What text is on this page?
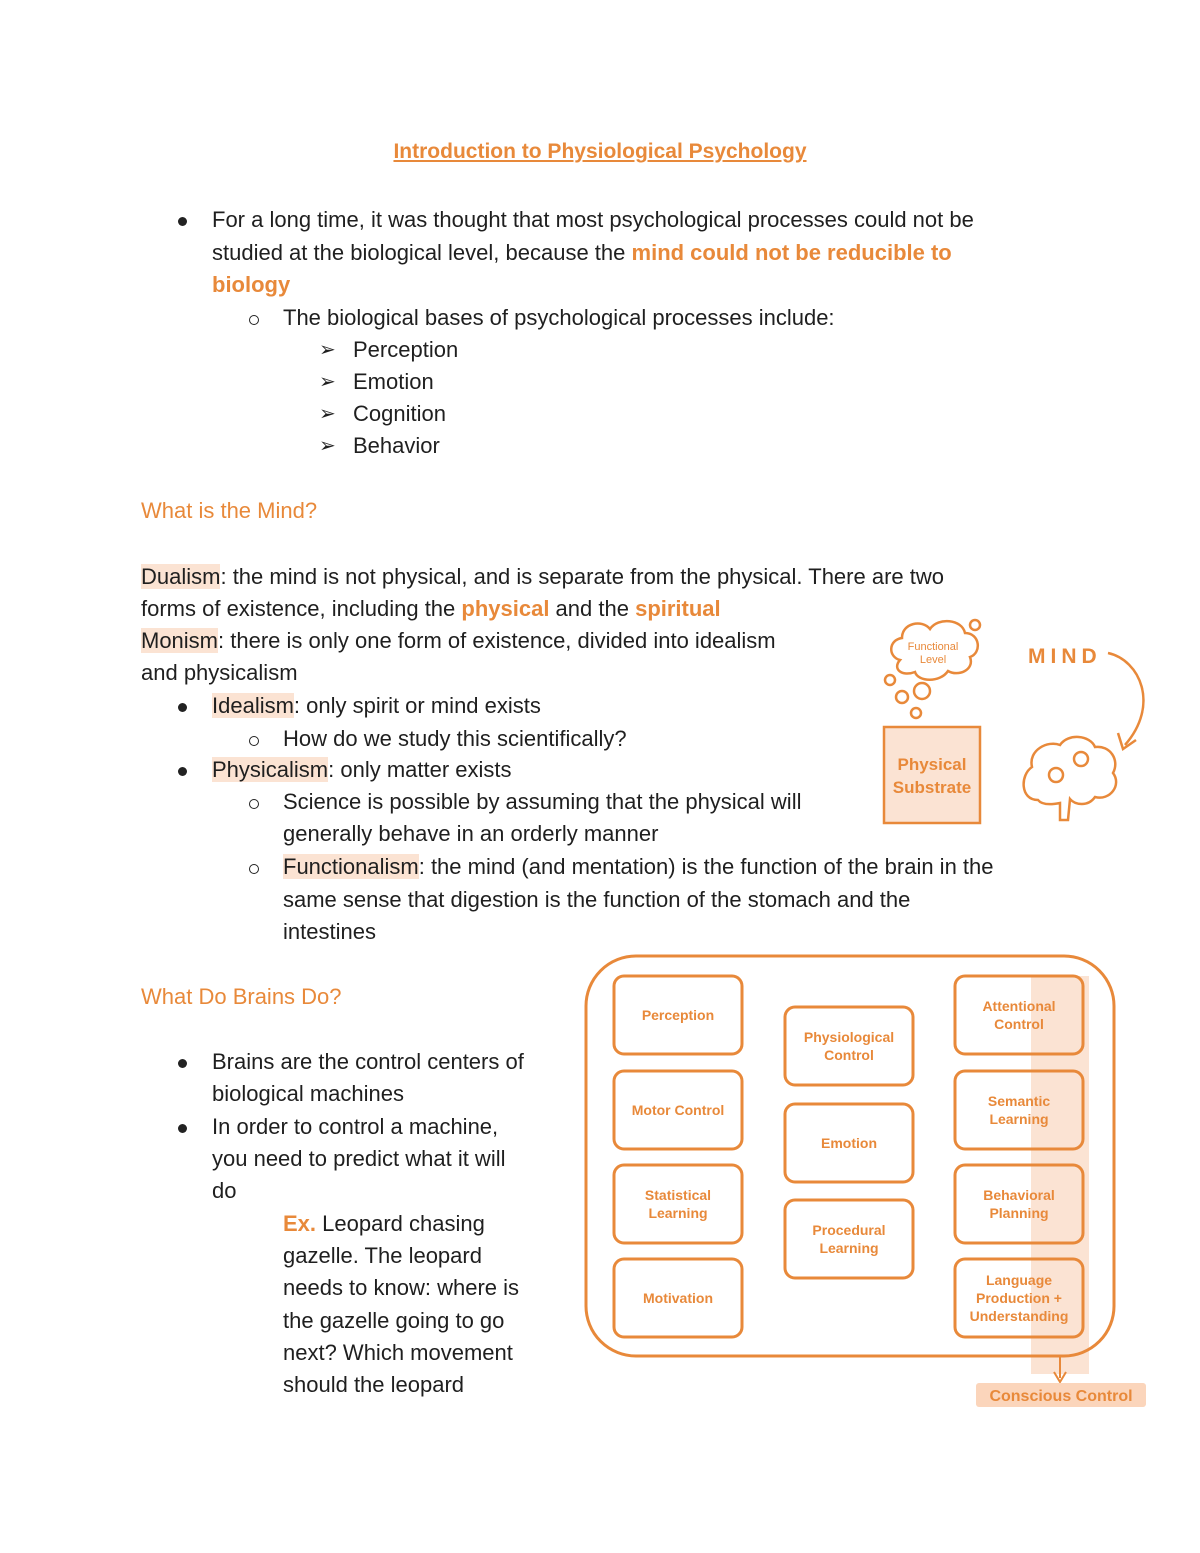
Introduction to Physiological Psychology
For a long time, it was thought that most psychological processes could not be
studied at the biological level, because the mind could not be reducible to
biology
The biological bases of psychological processes include:
➢ Perception
➢ Emotion
➢ Cognition
➢ Behavior
What is the Mind?
Dualism: the mind is not physical, and is separate from the physical. There are two
forms of existence, including the physical and the spiritual
Monism: there is only one form of existence, divided into idealism
and physicalism
Idealism: only spirit or mind exists
How do we study this scientifically?
Physicalism: only matter exists
Science is possible by assuming that the physical will
generally behave in an orderly manner
Functionalism: the mind (and mentation) is the function of the brain in the
same sense that digestion is the function of the stomach and the
intestines
Functional
Level
Physical
Substrate
MIND
What Do Brains Do?
Brains are the control centers of
biological machines
In order to control a machine,
you need to predict what it will
do
Ex. Leopard chasing
gazelle. The leopard
needs to know: where is
the gazelle going to go
next? Which movement
should the leopard
Perception
Motor Control
Statistical
Learning
Motivation
Physiological
Control
Emotion
Procedural
Learning
Attentional
Control
Semantic
Learning
Behavioral
Planning
Language
Production +
Understanding
Conscious Control
